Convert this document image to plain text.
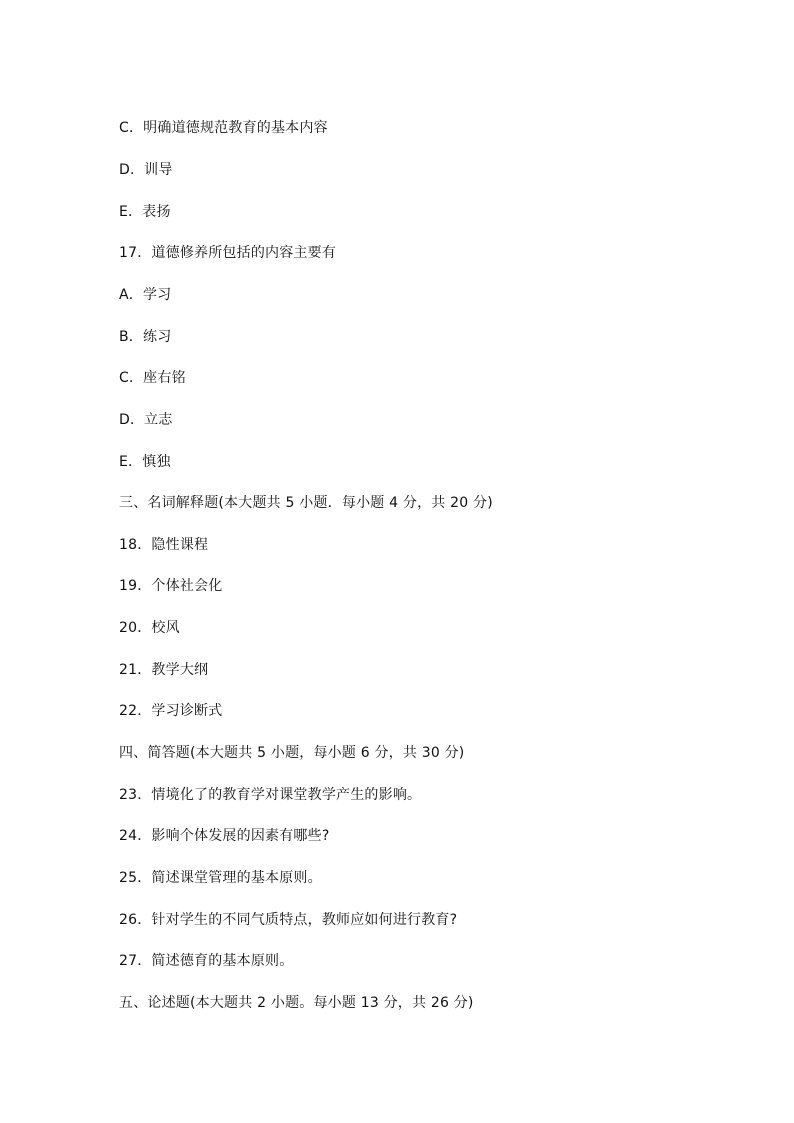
C．明确道德规范教育的基本内容
D．训导
E．表扬
17．道德修养所包括的内容主要有
A．学习
B．练习
C．座右铭
D．立志
E．慎独
三、名词解释题(本大题共 5 小题．每小题 4 分，共 20 分)
18．隐性课程
19．个体社会化
20．校风
21．教学大纲
22．学习诊断式
四、简答题(本大题共 5 小题，每小题 6 分，共 30 分)
23．情境化了的教育学对课堂教学产生的影响。
24．影响个体发展的因素有哪些?
25．简述课堂管理的基本原则。
26．针对学生的不同气质特点，教师应如何进行教育?
27．简述德育的基本原则。
五、论述题(本大题共 2 小题。每小题 13 分，共 26 分)
